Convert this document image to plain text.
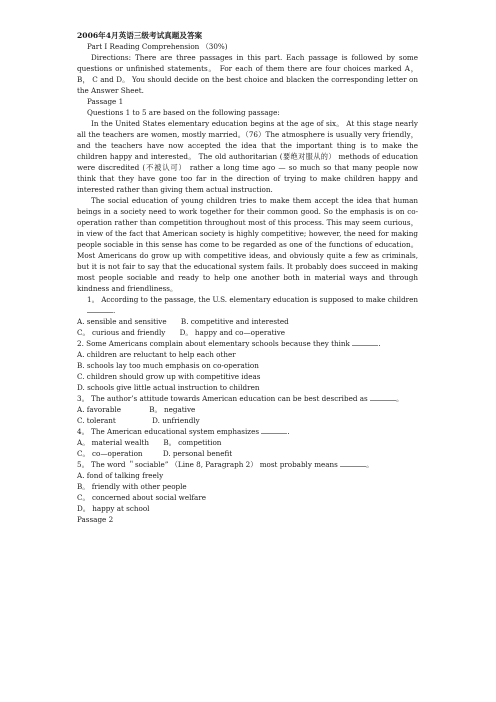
2006年4月英语三级考试真题及答案

Part I Reading Comprehension （30%)

Directions: There are three passages in this part. Each passage is followed by some questions or unfinished statements。 For each of them there are four choices marked A， B， C and D。 You should decide on the best choice and blacken the corresponding letter on the Answer Sheet.

Passage 1

Questions 1 to 5 are based on the following passage:

In the United States elementary education begins at the age of six。 At this stage nearly all the teachers are women, mostly married。（76）The atmosphere is usually very friendly， and the teachers have now accepted the idea that the important thing is to make the children happy and interested。 The old authoritarian (要绝对服从的） methods of education were discredited (不被认可） rather a long time ago — so much so that many people now think that they have gone too far in the direction of trying to make children happy and interested rather than giving them actual instruction.

The social education of young children tries to make them accept the idea that human beings in a society need to work together for their common good. So the emphasis is on co-operation rather than competition throughout most of this process. This may seem curious， in view of the fact that American society is highly competitive; however, the need for making people sociable in this sense has come to be regarded as one of the functions of education。 Most Americans do grow up with competitive ideas, and obviously quite a few as criminals, but it is not fair to say that the educational system fails. It probably does succeed in making most people sociable and ready to help one another both in material ways and through kindness and friendliness。

1。 According to the passage, the U.S. elementary education is supposed to make children .

A. sensible and sensitive B. competitive and interested

C。 curious and friendly D。 happy and co—operative

2. Some Americans complain about elementary schools because they think	.

A. children are reluctant to help each other

B. schools lay too much emphasis on co-operation

C. children should grow up with competitive ideas

D. schools give little actual instruction to children

3。 The author’s attitude towards American education can be best described as	。

A. favorable	B。 negative

C. tolerant	D. unfriendly

4。 The American educational system emphasizes	.

A。 material wealth B。 competition

C。 co—operation	D. personal benefit

5。 The word ＂sociable” （Line 8, Paragraph 2） most probably means	。

A. fond of talking freely

B。 friendly with other people

C。 concerned about social welfare

D。 happy at school

Passage 2
